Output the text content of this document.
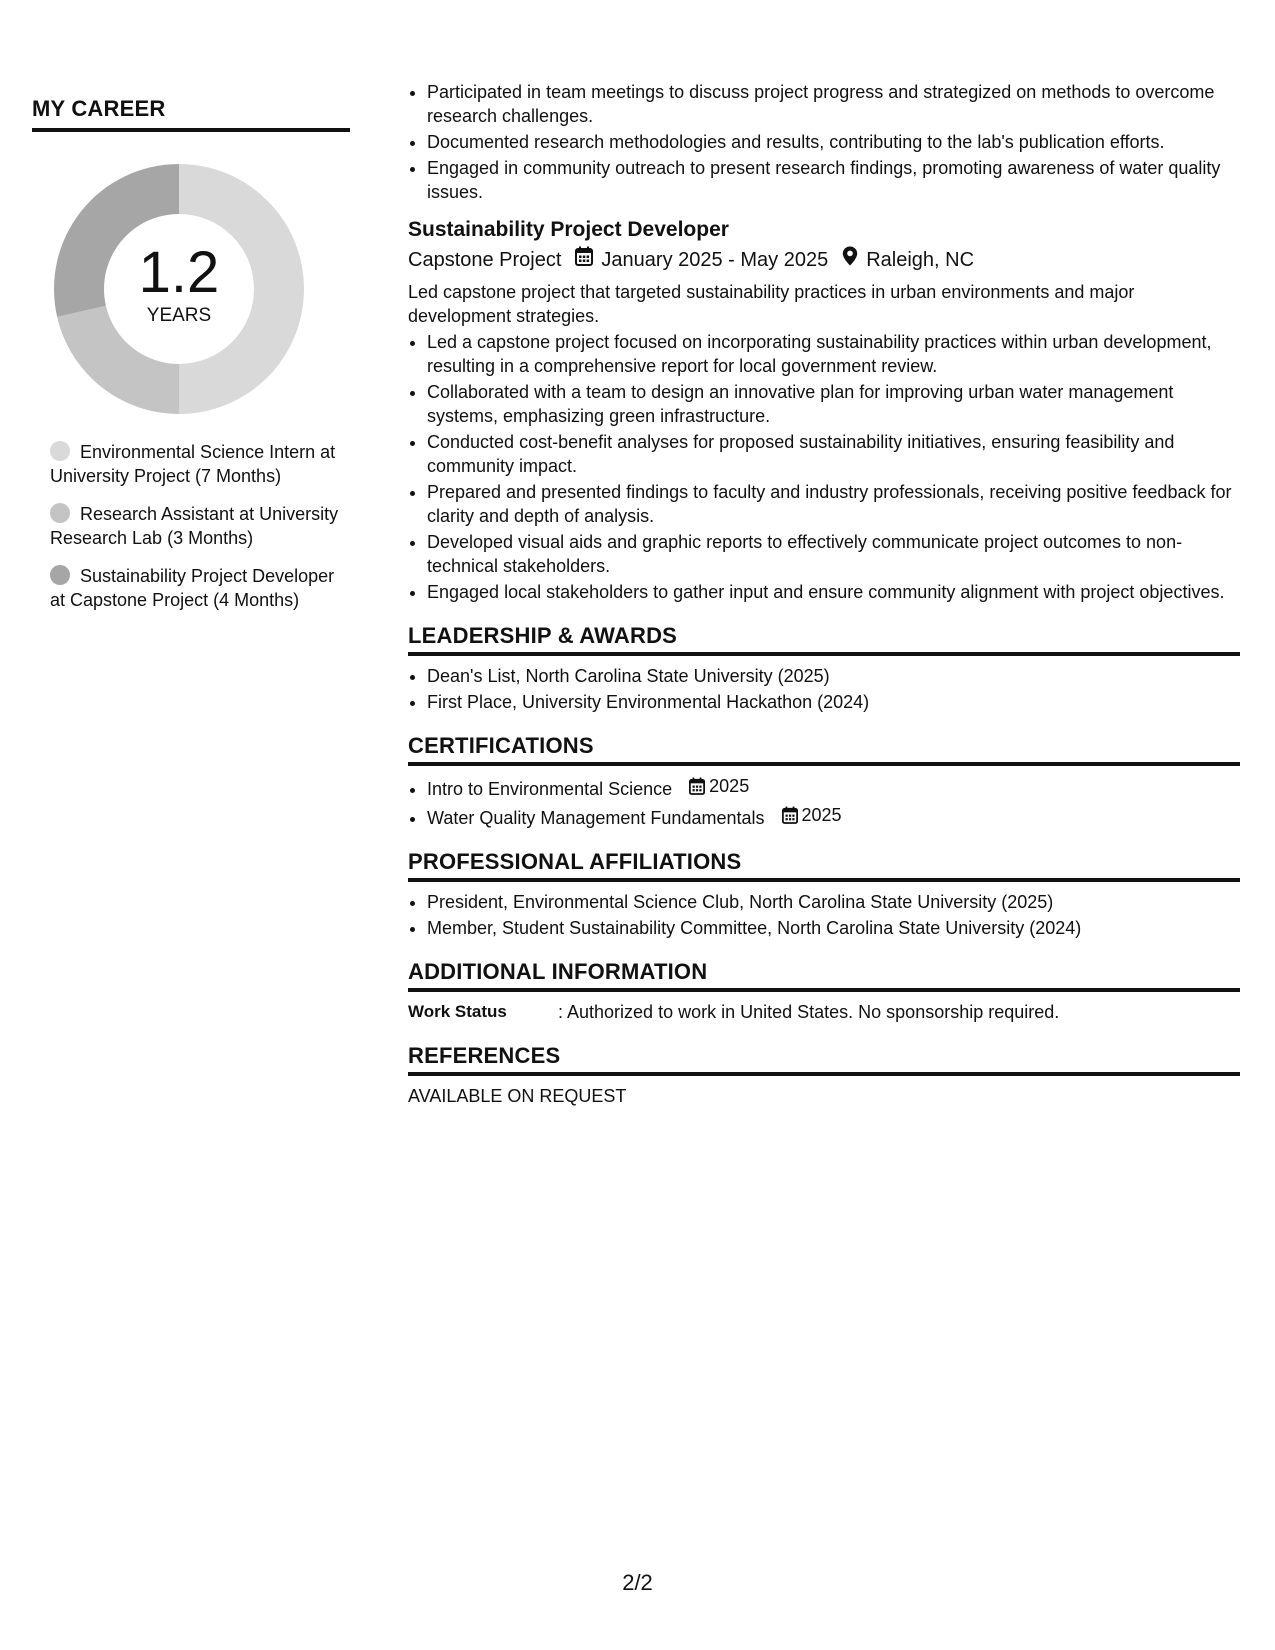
MY CAREER
1.2
YEARS
Environmental Science Intern at University Project (7 Months)
Research Assistant at University Research Lab (3 Months)
Sustainability Project Developer at Capstone Project (4 Months)
• Participated in team meetings to discuss project progress and strategized on methods to overcome research challenges.
• Documented research methodologies and results, contributing to the lab's publication efforts.
• Engaged in community outreach to present research findings, promoting awareness of water quality issues.
Sustainability Project Developer
Capstone Project January 2025 - May 2025 Raleigh, NC
Led capstone project that targeted sustainability practices in urban environments and major development strategies.
• Led a capstone project focused on incorporating sustainability practices within urban development, resulting in a comprehensive report for local government review.
• Collaborated with a team to design an innovative plan for improving urban water management systems, emphasizing green infrastructure.
• Conducted cost-benefit analyses for proposed sustainability initiatives, ensuring feasibility and community impact.
• Prepared and presented findings to faculty and industry professionals, receiving positive feedback for clarity and depth of analysis.
• Developed visual aids and graphic reports to effectively communicate project outcomes to non-technical stakeholders.
• Engaged local stakeholders to gather input and ensure community alignment with project objectives.
LEADERSHIP & AWARDS
• Dean's List, North Carolina State University (2025)
• First Place, University Environmental Hackathon (2024)
CERTIFICATIONS
• Intro to Environmental Science 2025
• Water Quality Management Fundamentals 2025
PROFESSIONAL AFFILIATIONS
• President, Environmental Science Club, North Carolina State University (2025)
• Member, Student Sustainability Committee, North Carolina State University (2024)
ADDITIONAL INFORMATION
Work Status	: Authorized to work in United States. No sponsorship required.
REFERENCES
AVAILABLE ON REQUEST
2/2
